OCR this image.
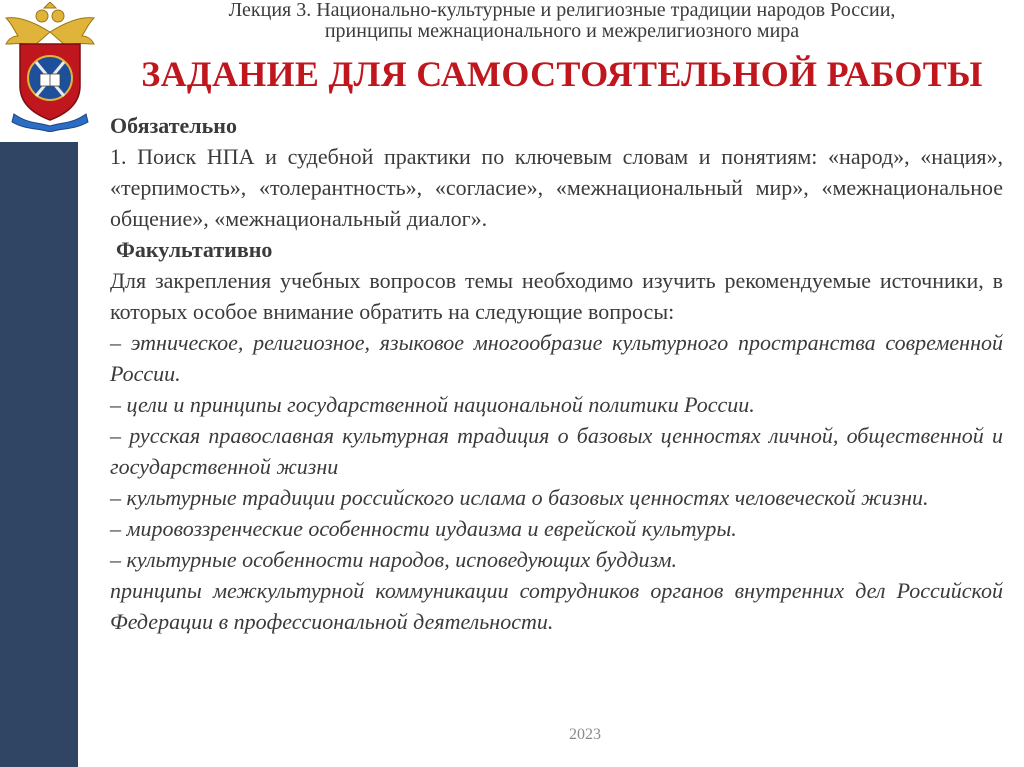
Лекция 3. Национально-культурные и религиозные традиции народов России,
принципы межнационального и межрелигиозного мира
ЗАДАНИЕ ДЛЯ САМОСТОЯТЕЛЬНОЙ РАБОТЫ

Обязательно

1. Поиск НПА и судебной практики по ключевым словам и понятиям: «народ», «нация», «терпимость», «толерантность», «согласие», «межнациональный мир», «межнациональное общение», «межнациональный диалог».

Факультативно

Для закрепления учебных вопросов темы необходимо изучить рекомендуемые источники, в которых особое внимание обратить на следующие вопросы:

– этническое, религиозное, языковое многообразие культурного пространства современной России.

– цели и принципы государственной национальной политики России.

– русская православная культурная традиция о базовых ценностях личной, общественной и государственной жизни

– культурные традиции российского ислама о базовых ценностях человеческой жизни.

– мировоззренческие особенности иудаизма и еврейской культуры.

– культурные особенности народов, исповедующих буддизм.

принципы межкультурной коммуникации сотрудников органов внутренних дел Российской Федерации в профессиональной деятельности.

2023
